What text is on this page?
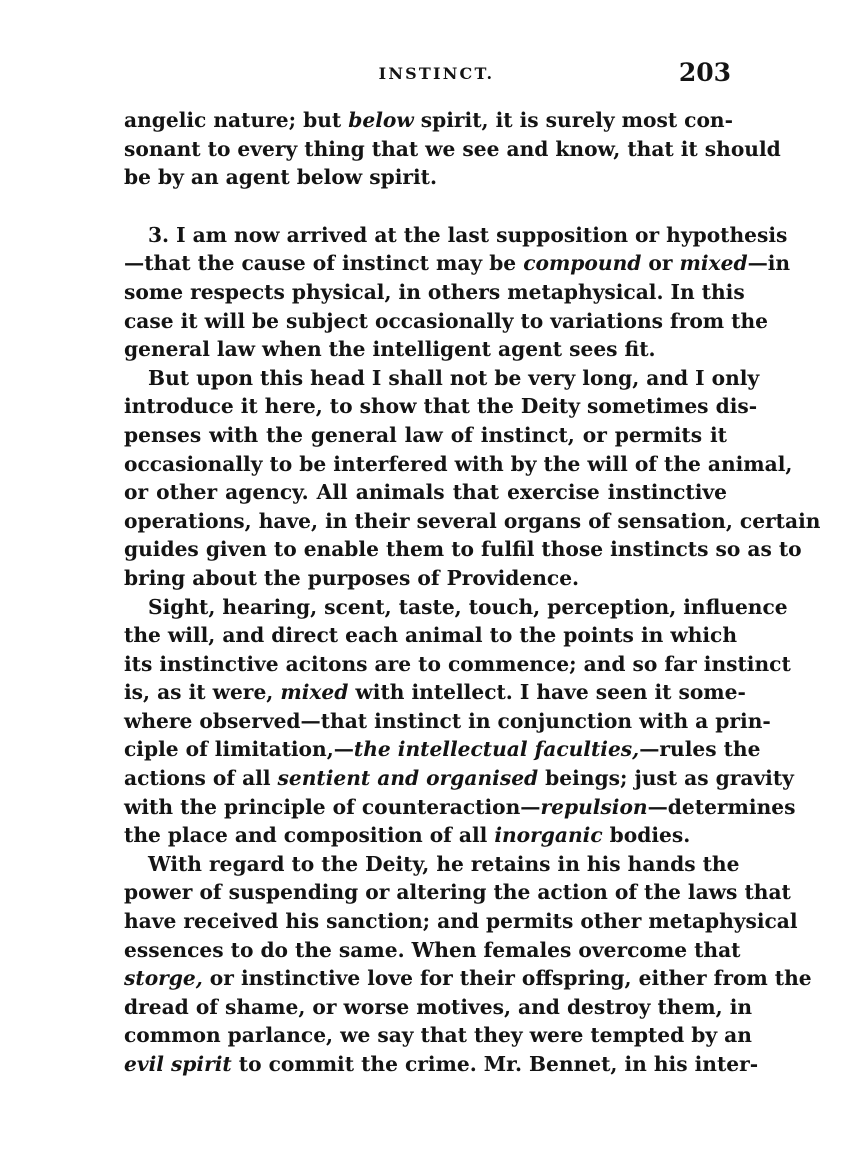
INSTINCT.	203
angelic nature; but below spirit, it is surely most con-
sonant to every thing that we see and know, that it should
be by an agent below spirit.
3. I am now arrived at the last supposition or hypothesis
—that the cause of instinct may be compound or mixed—in
some respects physical, in others metaphysical. In this
case it will be subject occasionally to variations from the
general law when the intelligent agent sees fit.
But upon this head I shall not be very long, and I only
introduce it here, to show that the Deity sometimes dis-
penses with the general law of instinct, or permits it
occasionally to be interfered with by the will of the animal,
or other agency. All animals that exercise instinctive
operations, have, in their several organs of sensation, certain
guides given to enable them to fulfil those instincts so as to
bring about the purposes of Providence.
Sight, hearing, scent, taste, touch, perception, influence
the will, and direct each animal to the points in which
its instinctive acitons are to commence; and so far instinct
is, as it were, mixed with intellect. I have seen it some-
where observed—that instinct in conjunction with a prin-
ciple of limitation,—the intellectual faculties,—rules the
actions of all sentient and organised beings; just as gravity
with the principle of counteraction—repulsion—determines
the place and composition of all inorganic bodies.
With regard to the Deity, he retains in his hands the
power of suspending or altering the action of the laws that
have received his sanction; and permits other metaphysical
essences to do the same. When females overcome that
storge, or instinctive love for their offspring, either from the
dread of shame, or worse motives, and destroy them, in
common parlance, we say that they were tempted by an
evil spirit to commit the crime. Mr. Bennet, in his inter-
